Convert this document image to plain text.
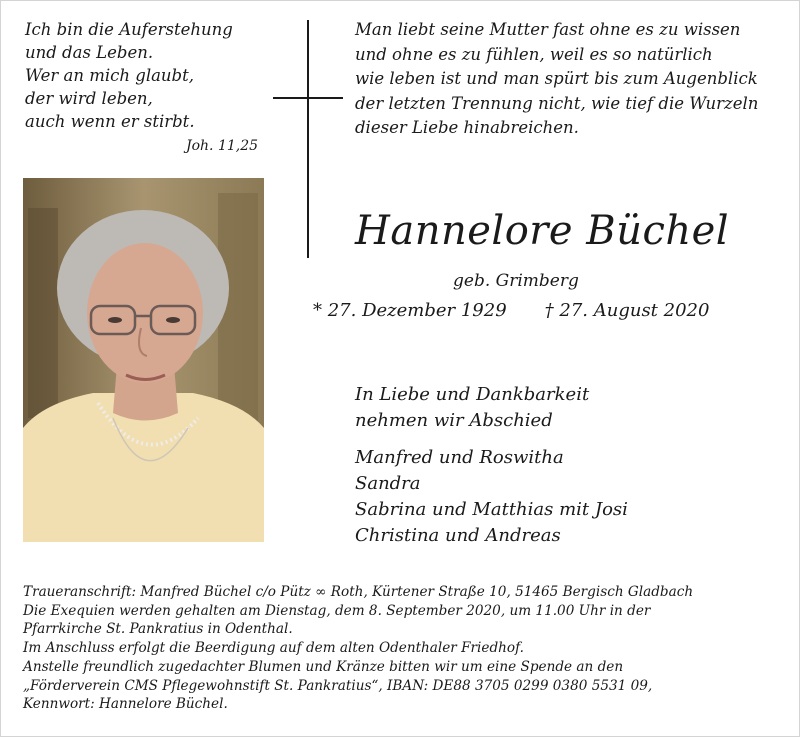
Ich bin die Auferstehung
und das Leben.
Wer an mich glaubt,
der wird leben,
auch wenn er stirbt.
Joh. 11,25
Man liebt seine Mutter fast ohne es zu wissen
und ohne es zu fühlen, weil es so natürlich
wie leben ist und man spürt bis zum Augenblick
der letzten Trennung nicht, wie tief die Wurzeln
dieser Liebe hinabreichen.
Hannelore Büchel
geb. Grimberg
* 27. Dezember 1929 † 27. August 2020
In Liebe und Dankbarkeit
nehmen wir Abschied
Manfred und Roswitha
Sandra
Sabrina und Matthias mit Josi
Christina und Andreas
Traueranschrift: Manfred Büchel c/o Pütz ∞ Roth, Kürtener Straße 10, 51465 Bergisch Gladbach
Die Exequien werden gehalten am Dienstag, dem 8. September 2020, um 11.00 Uhr in der
Pfarrkirche St. Pankratius in Odenthal.
Im Anschluss erfolgt die Beerdigung auf dem alten Odenthaler Friedhof.
Anstelle freundlich zugedachter Blumen und Kränze bitten wir um eine Spende an den
„Förderverein CMS Pflegewohnstift St. Pankratius“, IBAN: DE88 3705 0299 0380 5531 09,
Kennwort: Hannelore Büchel.
